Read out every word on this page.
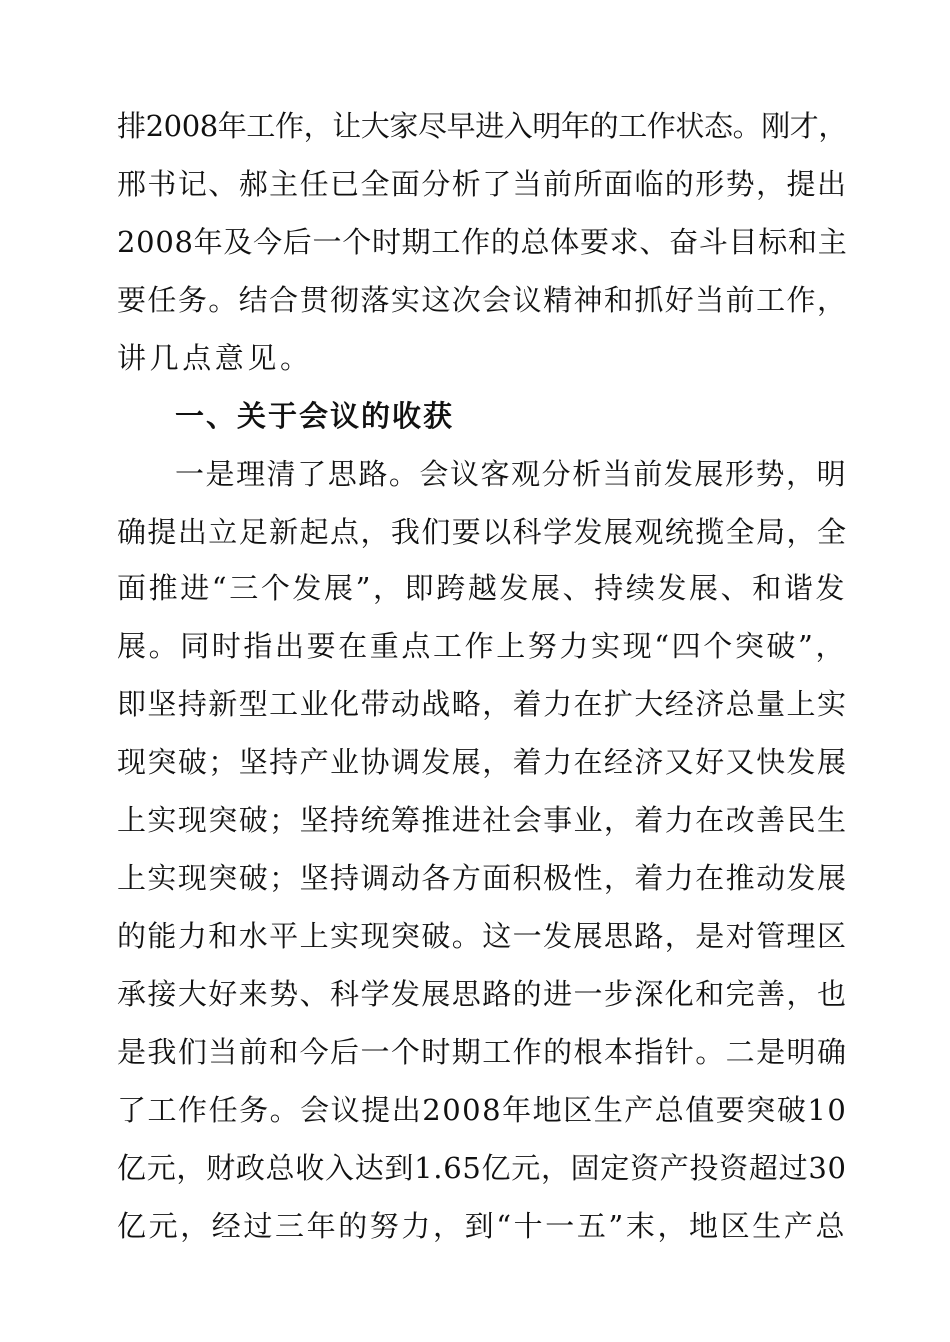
排2008年工作，让大家尽早进入明年的工作状态。刚才，
邢书记、郝主任已全面分析了当前所面临的形势，提出
2008年及今后一个时期工作的总体要求、奋斗目标和主
要任务。结合贯彻落实这次会议精神和抓好当前工作，
讲几点意见。
一、关于会议的收获
一是理清了思路。会议客观分析当前发展形势，明
确提出立足新起点，我们要以科学发展观统揽全局，全
面推进“三个发展”，即跨越发展、持续发展、和谐发
展。同时指出要在重点工作上努力实现“四个突破”，
即坚持新型工业化带动战略，着力在扩大经济总量上实
现突破；坚持产业协调发展，着力在经济又好又快发展
上实现突破；坚持统筹推进社会事业，着力在改善民生
上实现突破；坚持调动各方面积极性，着力在推动发展
的能力和水平上实现突破。这一发展思路，是对管理区
承接大好来势、科学发展思路的进一步深化和完善，也
是我们当前和今后一个时期工作的根本指针。二是明确
了工作任务。会议提出2008年地区生产总值要突破10
亿元，财政总收入达到1.65亿元，固定资产投资超过30
亿元，经过三年的努力，到“十一五”末，地区生产总
